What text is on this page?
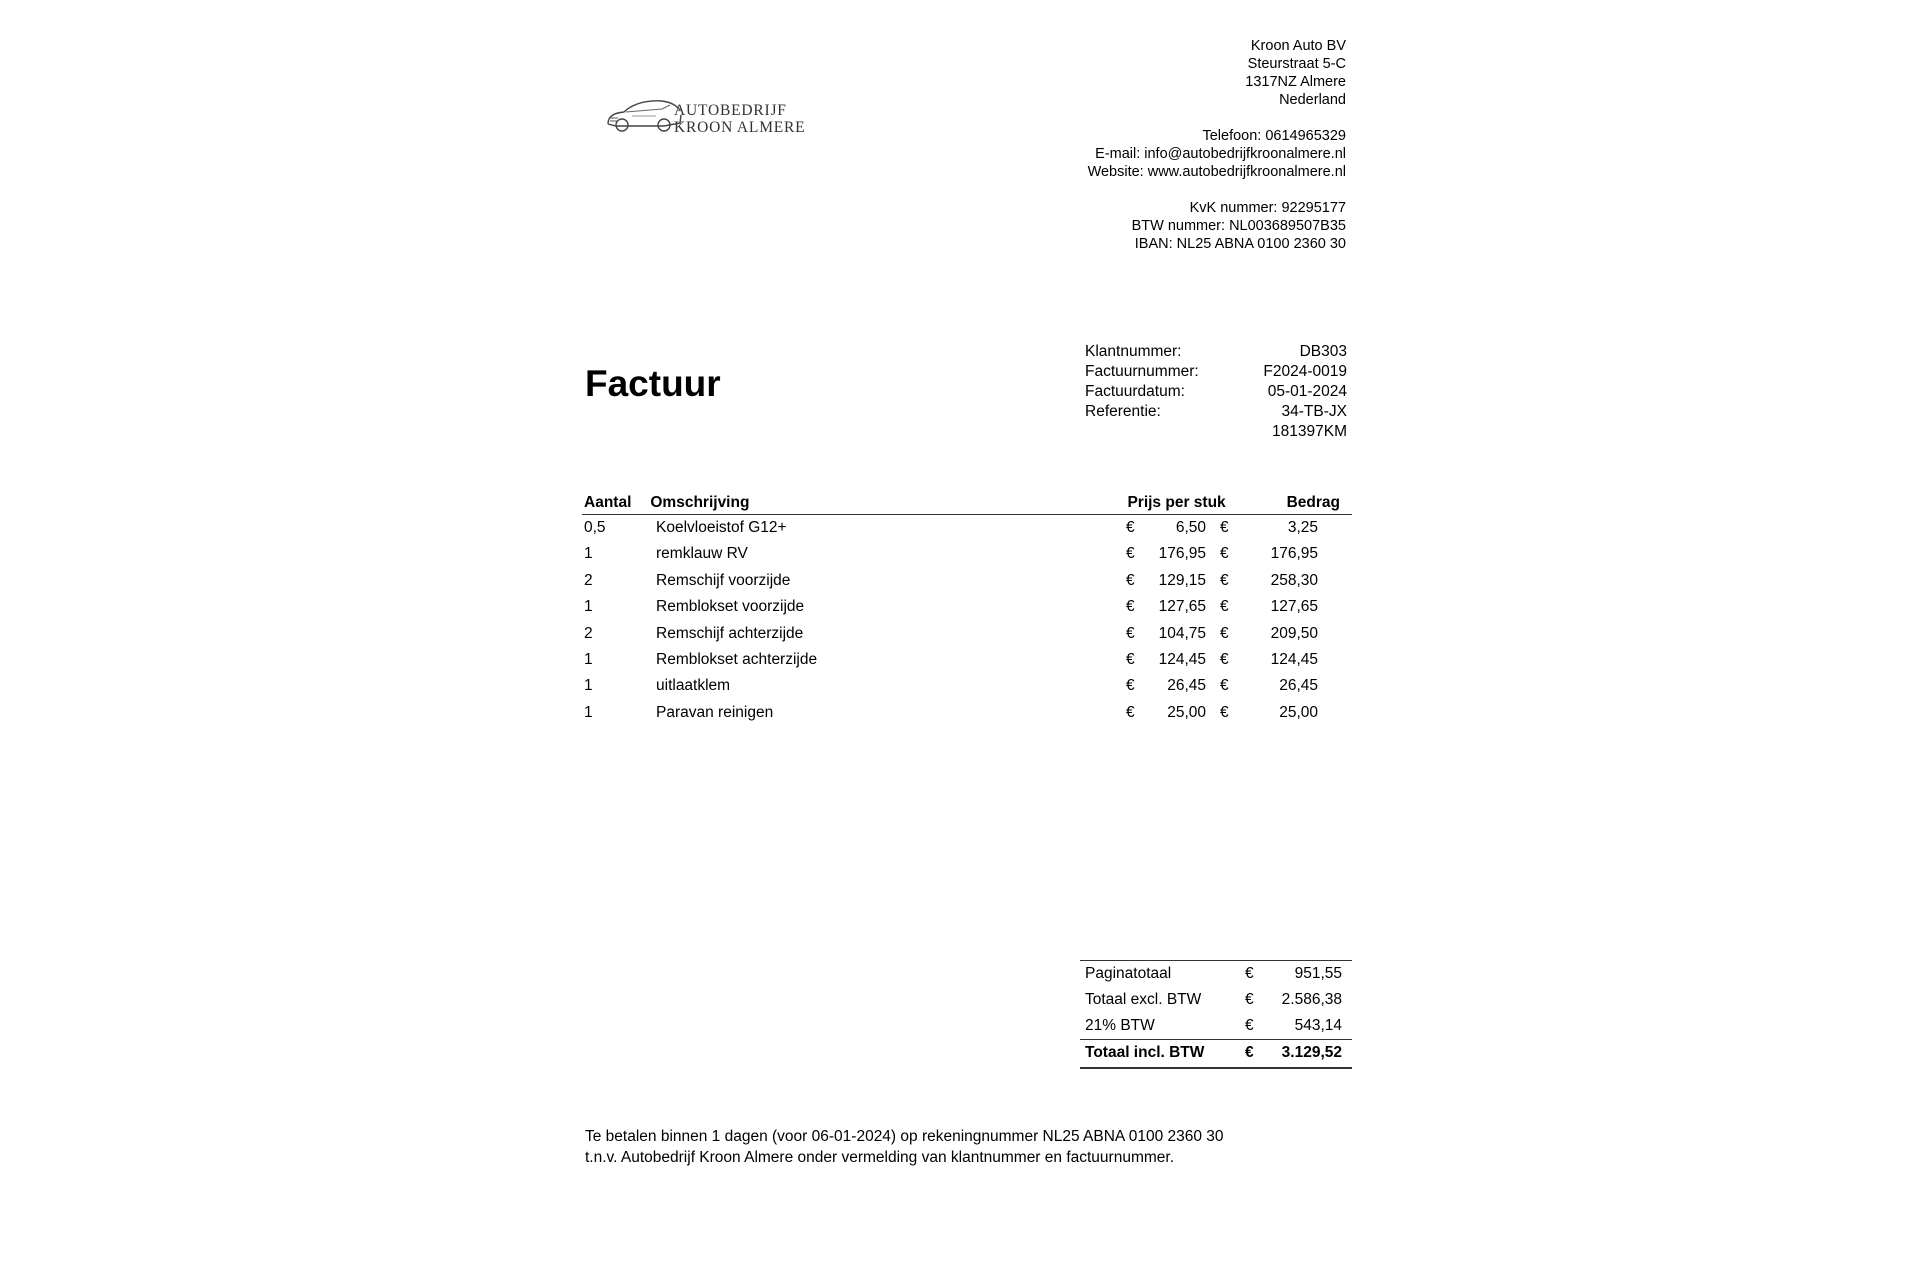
AUTOBEDRIJF
KROON ALMERE
Kroon Auto BV
Steurstraat 5-C
1317NZ Almere
Nederland
Telefoon: 0614965329
E-mail: info@autobedrijfkroonalmere.nl
Website: www.autobedrijfkroonalmere.nl
KvK nummer: 92295177
BTW nummer: NL003689507B35
IBAN: NL25 ABNA 0100 2360 30
Factuur
Klantnummer:	DB303
Factuurnummer:	F2024-0019
Factuurdatum:	05-01-2024
Referentie:	34-TB-JX
181397KM
Aantal	Omschrijving	Prijs per stuk	Bedrag
0,5	Koelvloeistof G12+	€	6,50 €	3,25
1	remklauw RV	€	176,95 €	176,95
2	Remschijf voorzijde	€	129,15 €	258,30
1	Remblokset voorzijde	€	127,65 €	127,65
2	Remschijf achterzijde	€	104,75 €	209,50
1	Remblokset achterzijde	€	124,45 €	124,45
1	uitlaatklem	€	26,45 €	26,45
1	Paravan reinigen	€	25,00 €	25,00
Paginatotaal	€	951,55
Totaal excl. BTW	€	2.586,38
21% BTW	€	543,14
Totaal incl. BTW	€	3.129,52
Te betalen binnen 1 dagen (voor 06-01-2024) op rekeningnummer NL25 ABNA 0100 2360 30
t.n.v. Autobedrijf Kroon Almere onder vermelding van klantnummer en factuurnummer.
